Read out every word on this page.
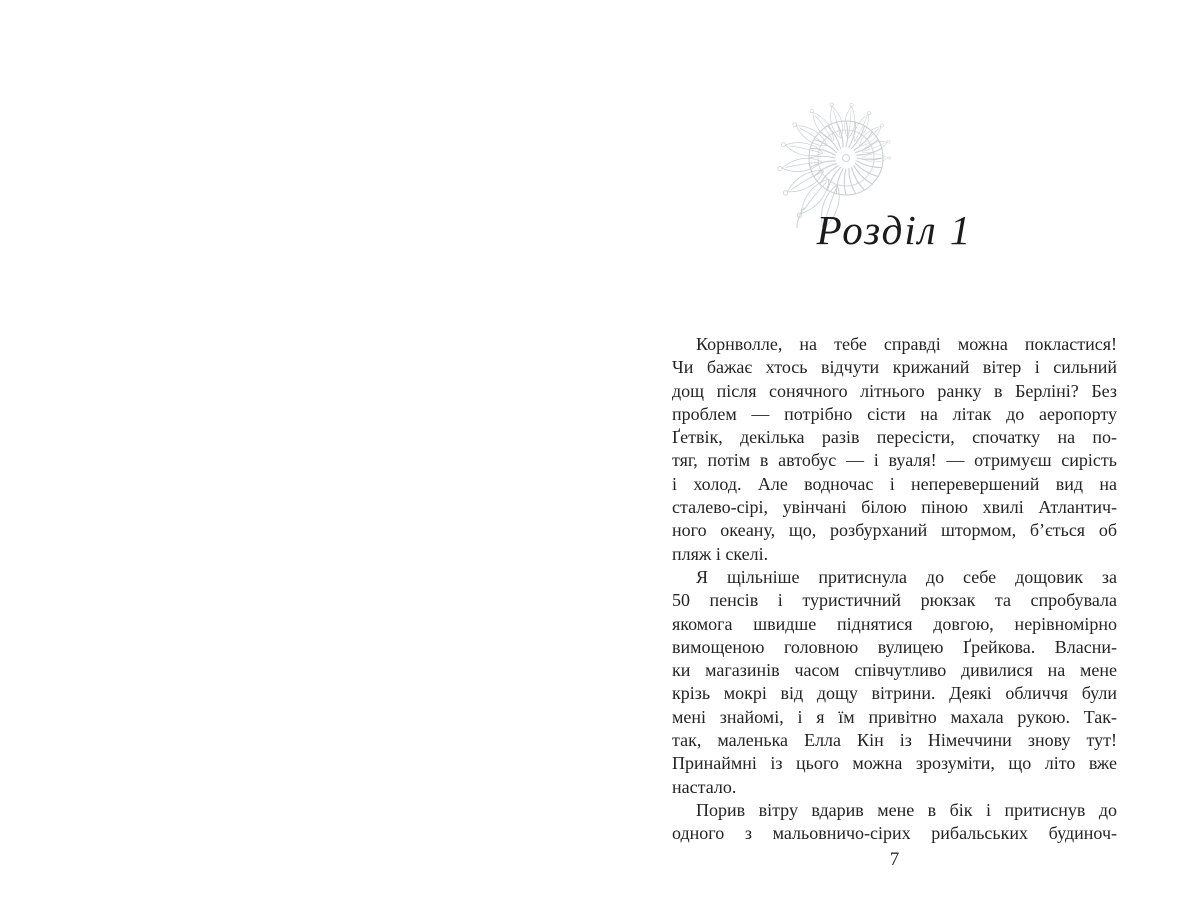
Розділ 1
Корнволле, на тебе справді можна покластися!
Чи бажає хтось відчути крижаний вітер і сильний
дощ після сонячного літнього ранку в Берліні? Без
проблем — потрібно сісти на літак до аеропорту
Ґетвік, декілька разів пересісти, спочатку на по-
тяг, потім в автобус — і вуаля! — отримуєш сирість
і холод. Але водночас і неперевершений вид на
сталево-сірі, увінчані білою піною хвилі Атлантич-
ного океану, що, розбурханий штормом, б’ється об
пляж і скелі.
Я щільніше притиснула до себе дощовик за
50 пенсів і туристичний рюкзак та спробувала
якомога швидше піднятися довгою, нерівномірно
вимощеною головною вулицею Ґрейкова. Власни-
ки магазинів часом співчутливо дивилися на мене
крізь мокрі від дощу вітрини. Деякі обличчя були
мені знайомі, і я їм привітно махала рукою. Так-
так, маленька Елла Кін із Німеччини знову тут!
Принаймні із цього можна зрозуміти, що літо вже
настало.
Порив вітру вдарив мене в бік і притиснув до
одного з мальовничо-сірих рибальських будиноч-
7
